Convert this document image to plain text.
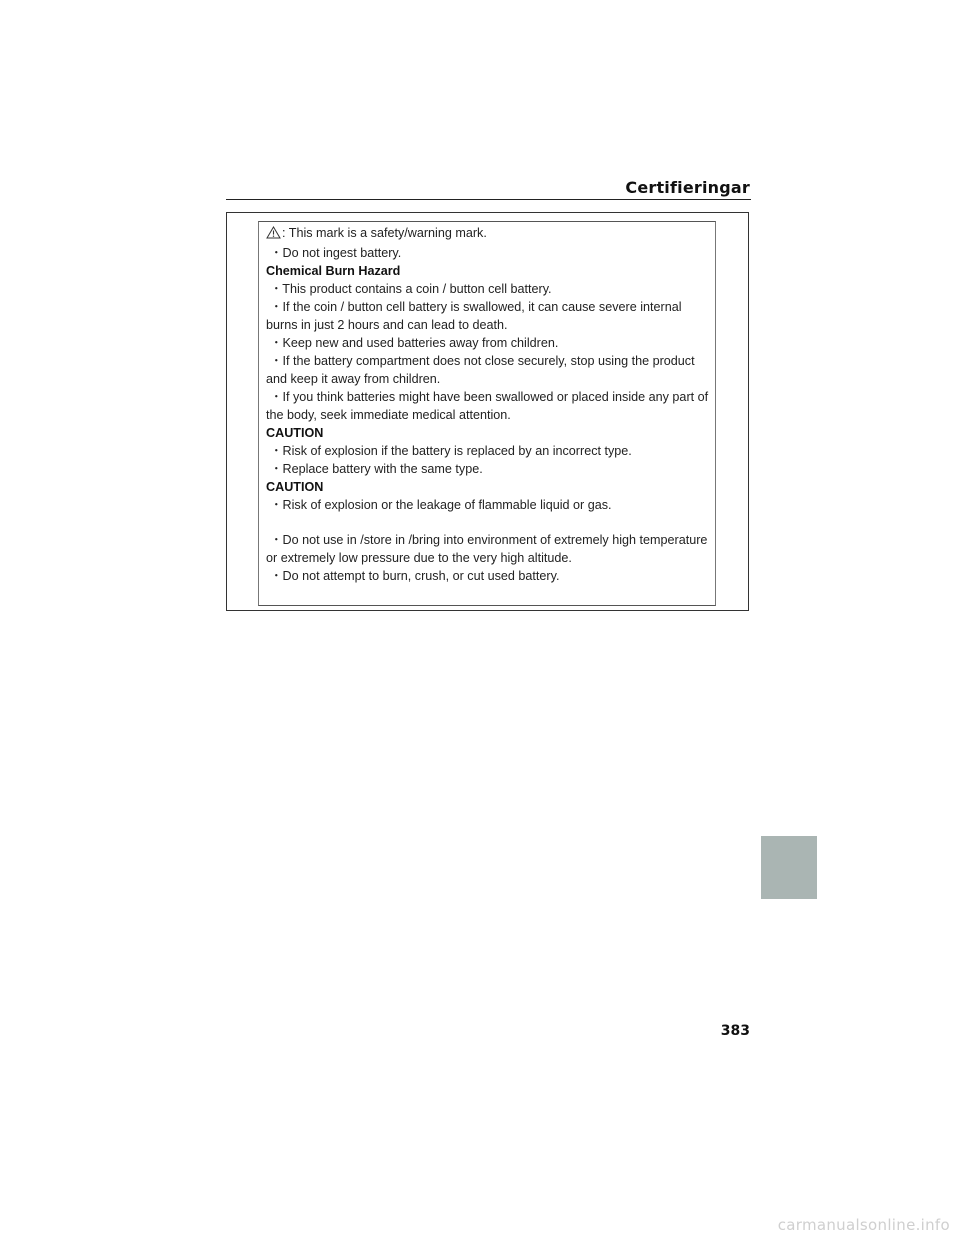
Certifieringar
: This mark is a safety/warning mark.
・ Do not ingest battery.
Chemical Burn Hazard
・ This product contains a coin / button cell battery.
・ If the coin / button cell battery is swallowed, it can cause severe internal
burns in just 2 hours and can lead to death.
・ Keep new and used batteries away from children.
・ If the battery compartment does not close securely, stop using the product
and keep it away from children.
・ If you think batteries might have been swallowed or placed inside any part of
the body, seek immediate medical attention.
CAUTION
・ Risk of explosion if the battery is replaced by an incorrect type.
・ Replace battery with the same type.
CAUTION
・ Risk of explosion or the leakage of flammable liquid or gas.
・ Do not use in /store in /bring into environment of extremely high temperature
or extremely low pressure due to the very high altitude.
・ Do not attempt to burn, crush, or cut used battery.
383
carmanualsonline.info
